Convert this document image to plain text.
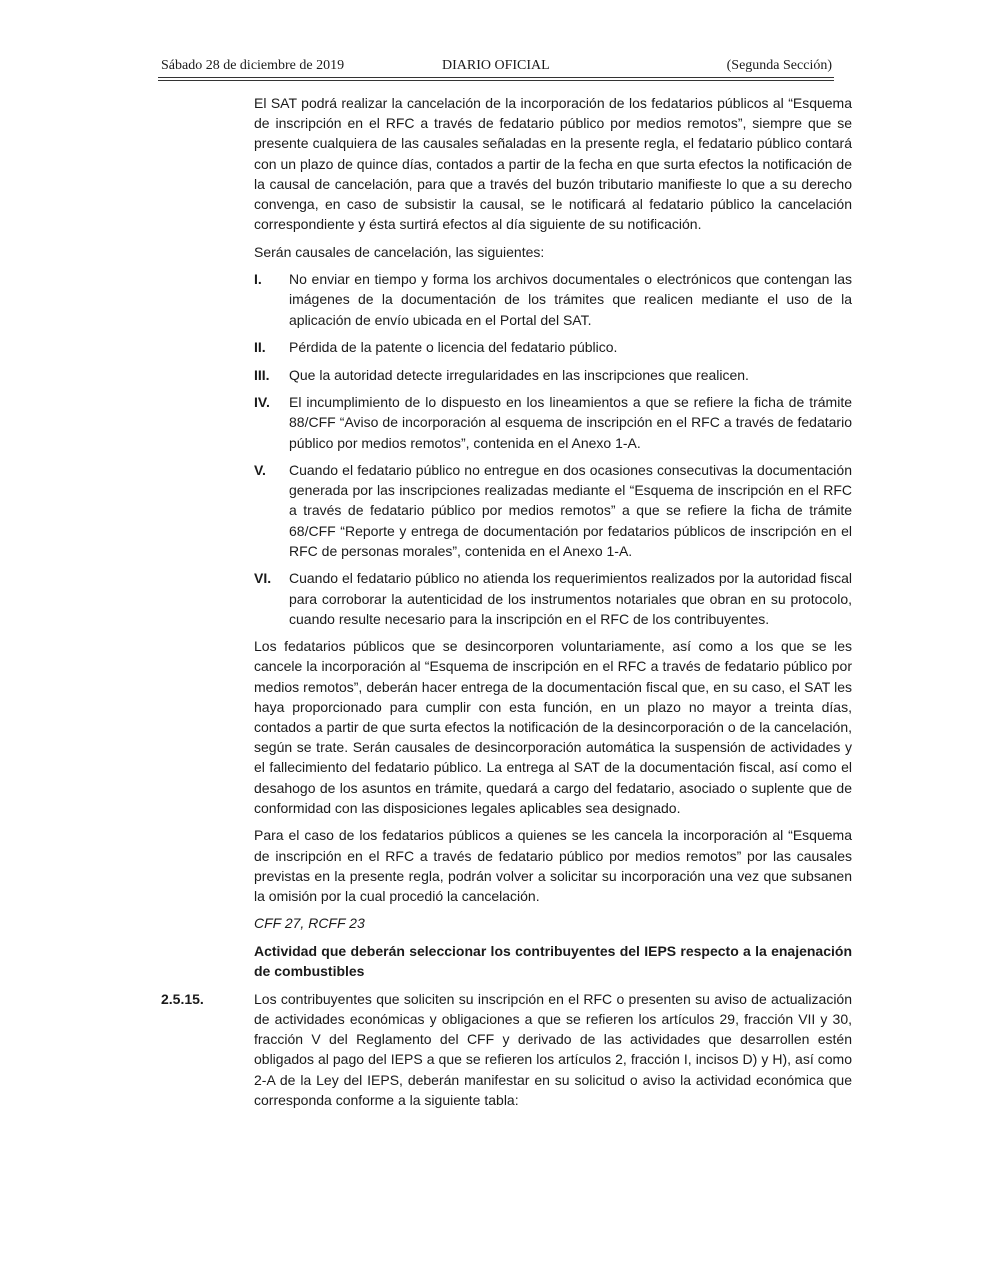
Sábado 28 de diciembre de 2019	DIARIO OFICIAL	(Segunda Sección)

El SAT podrá realizar la cancelación de la incorporación de los fedatarios públicos al “Esquema de inscripción en el RFC a través de fedatario público por medios remotos”, siempre que se presente cualquiera de las causales señaladas en la presente regla, el fedatario público contará con un plazo de quince días, contados a partir de la fecha en que surta efectos la notificación de la causal de cancelación, para que a través del buzón tributario manifieste lo que a su derecho convenga, en caso de subsistir la causal, se le notificará al fedatario público la cancelación correspondiente y ésta surtirá efectos al día siguiente de su notificación.

Serán causales de cancelación, las siguientes:

I. No enviar en tiempo y forma los archivos documentales o electrónicos que contengan las imágenes de la documentación de los trámites que realicen mediante el uso de la aplicación de envío ubicada en el Portal del SAT.
II. Pérdida de la patente o licencia del fedatario público.
III. Que la autoridad detecte irregularidades en las inscripciones que realicen.
IV. El incumplimiento de lo dispuesto en los lineamientos a que se refiere la ficha de trámite 88/CFF “Aviso de incorporación al esquema de inscripción en el RFC a través de fedatario público por medios remotos”, contenida en el Anexo 1-A.
V. Cuando el fedatario público no entregue en dos ocasiones consecutivas la documentación generada por las inscripciones realizadas mediante el “Esquema de inscripción en el RFC a través de fedatario público por medios remotos” a que se refiere la ficha de trámite 68/CFF “Reporte y entrega de documentación por fedatarios públicos de inscripción en el RFC de personas morales”, contenida en el Anexo 1-A.
VI. Cuando el fedatario público no atienda los requerimientos realizados por la autoridad fiscal para corroborar la autenticidad de los instrumentos notariales que obran en su protocolo, cuando resulte necesario para la inscripción en el RFC de los contribuyentes.

Los fedatarios públicos que se desincorporen voluntariamente, así como a los que se les cancele la incorporación al “Esquema de inscripción en el RFC a través de fedatario público por medios remotos”, deberán hacer entrega de la documentación fiscal que, en su caso, el SAT les haya proporcionado para cumplir con esta función, en un plazo no mayor a treinta días, contados a partir de que surta efectos la notificación de la desincorporación o de la cancelación, según se trate. Serán causales de desincorporación automática la suspensión de actividades y el fallecimiento del fedatario público. La entrega al SAT de la documentación fiscal, así como el desahogo de los asuntos en trámite, quedará a cargo del fedatario, asociado o suplente que de conformidad con las disposiciones legales aplicables sea designado.

Para el caso de los fedatarios públicos a quienes se les cancela la incorporación al “Esquema de inscripción en el RFC a través de fedatario público por medios remotos” por las causales previstas en la presente regla, podrán volver a solicitar su incorporación una vez que subsanen la omisión por la cual procedió la cancelación.

CFF 27, RCFF 23

Actividad que deberán seleccionar los contribuyentes del IEPS respecto a la enajenación de combustibles

2.5.15.	Los contribuyentes que soliciten su inscripción en el RFC o presenten su aviso de actualización de actividades económicas y obligaciones a que se refieren los artículos 29, fracción VII y 30, fracción V del Reglamento del CFF y derivado de las actividades que desarrollen estén obligados al pago del IEPS a que se refieren los artículos 2, fracción I, incisos D) y H), así como 2-A de la Ley del IEPS, deberán manifestar en su solicitud o aviso la actividad económica que corresponda conforme a la siguiente tabla:
